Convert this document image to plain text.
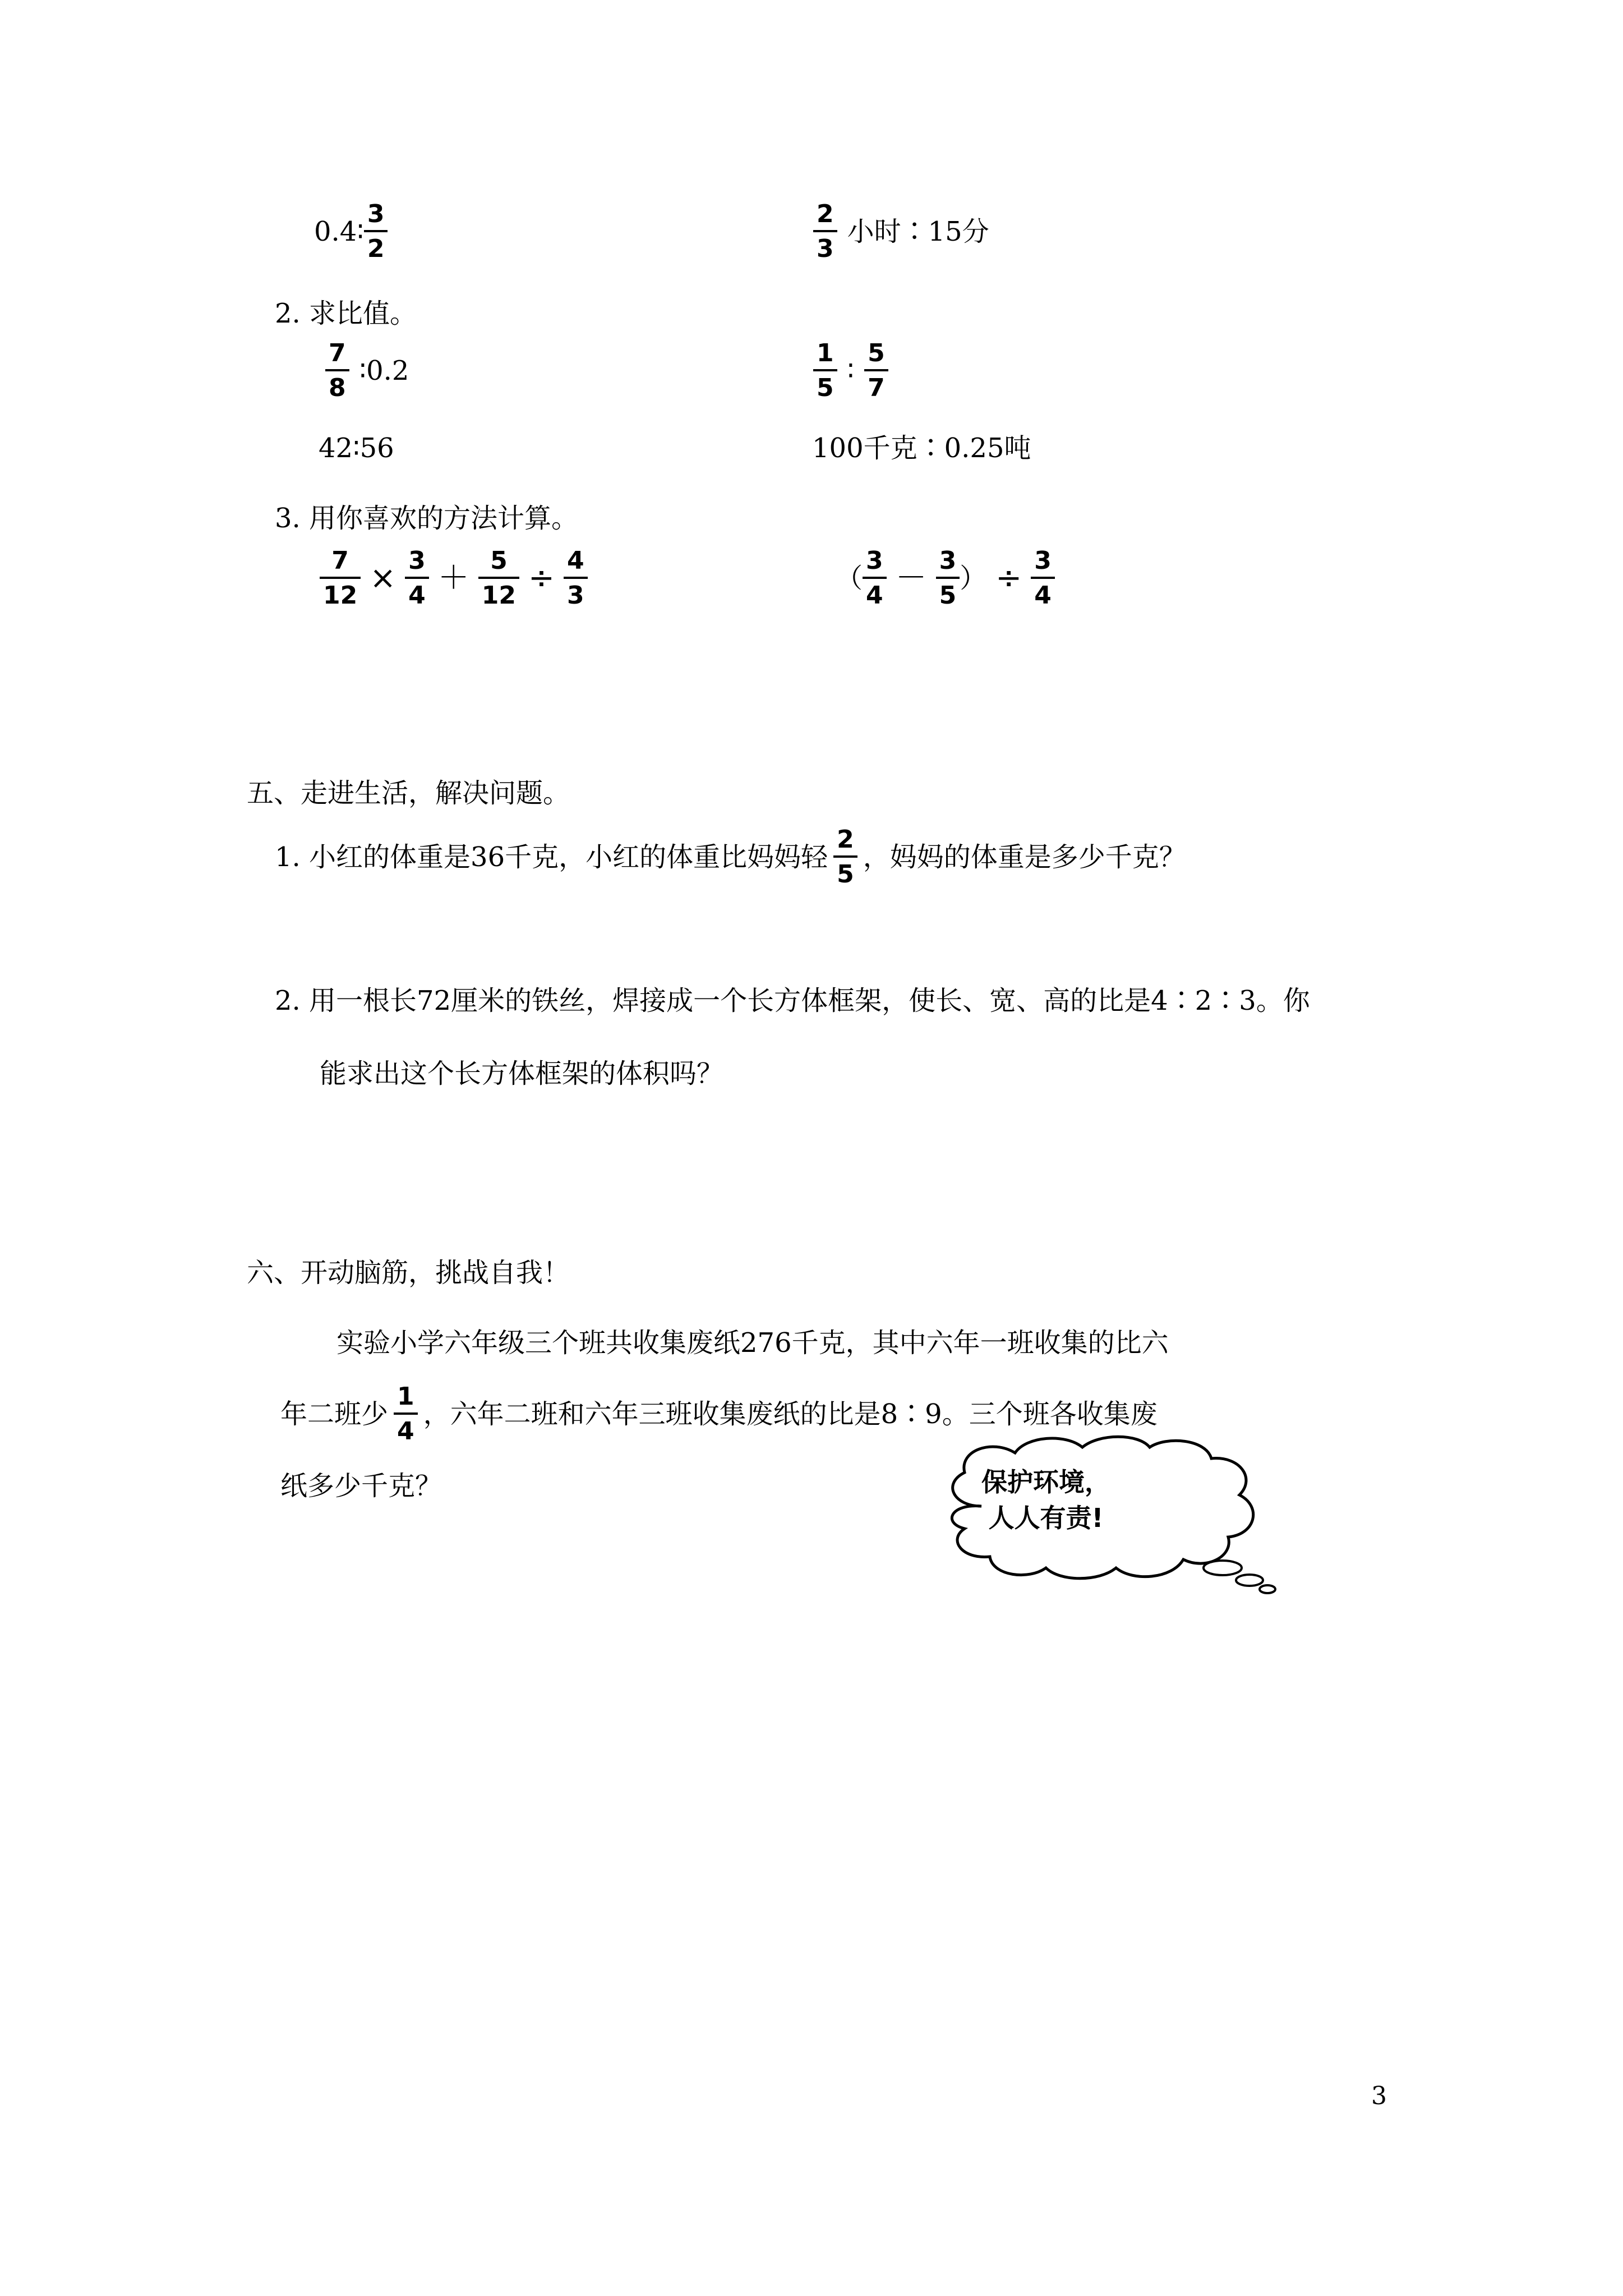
0.4∶ $\frac{3}{2}$	$\frac{2}{3}$ 小时∶15分
2. 求比值。
$\frac{7}{8}$ ∶0.2	$\frac{1}{5}$ ∶ $\frac{5}{7}$
42∶56	100千克∶0.25吨
3. 用你喜欢的方法计算。
$\frac{7}{12} \times \frac{3}{4} + \frac{5}{12} \div \frac{4}{3}$	（ $\frac{3}{4} - \frac{3}{5}$ ） ÷ $\frac{3}{4}$
五、走进生活，解决问题。
1. 小红的体重是36千克，小红的体重比妈妈轻 $\frac{2}{5}$ ，妈妈的体重是多少千克？
2. 用一根长72厘米的铁丝，焊接成一个长方体框架，使长、宽、高的比是4∶2∶3。你
能求出这个长方体框架的体积吗？
六、开动脑筋，挑战自我！
实验小学六年级三个班共收集废纸276千克，其中六年一班收集的比六
年二班少 $\frac{1}{4}$ ，六年二班和六年三班收集废纸的比是8∶9。三个班各收集废
纸多少千克？	保护环境，
人人有责!
3
